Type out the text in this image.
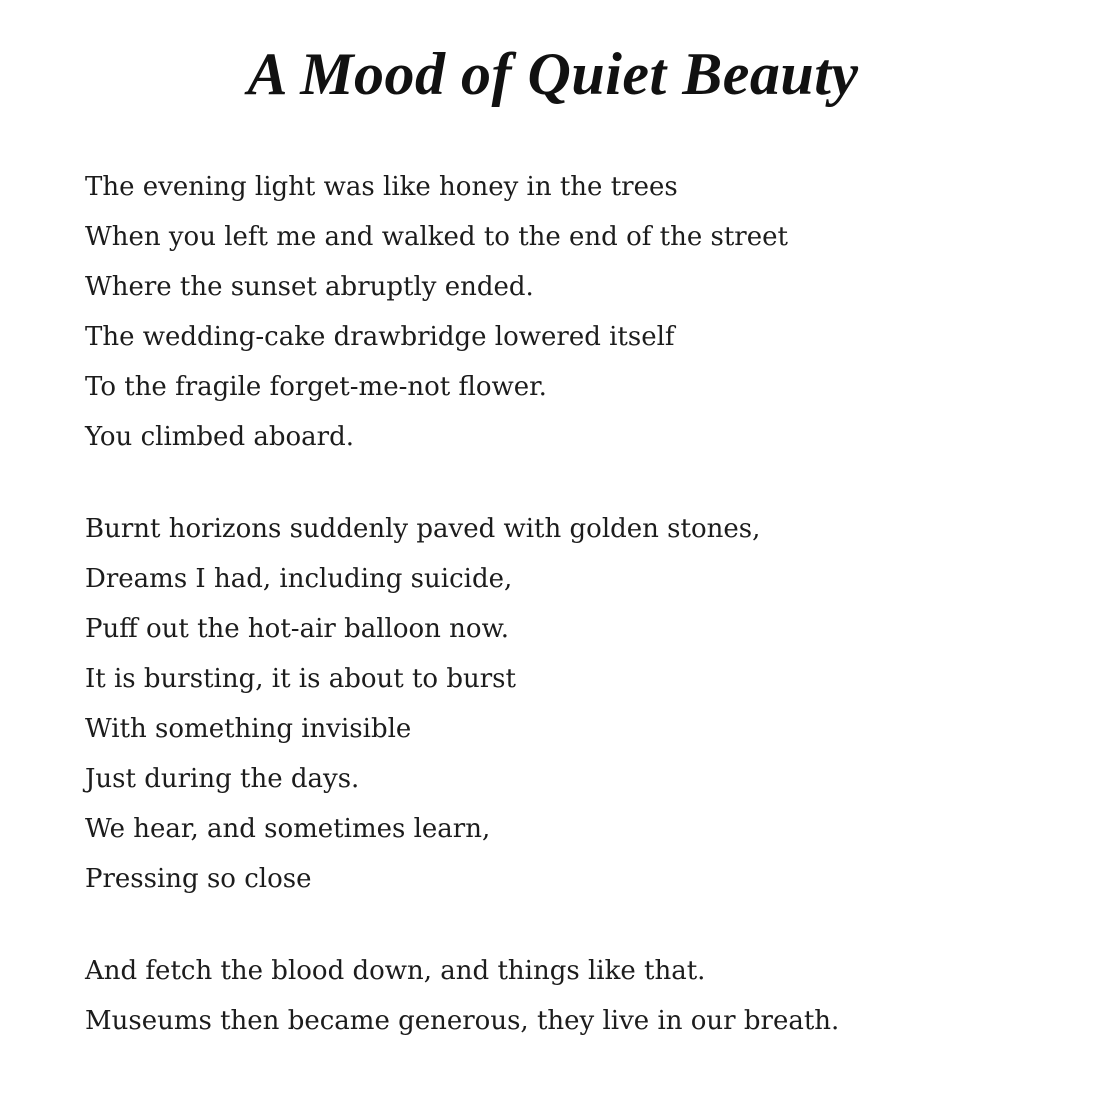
A Mood of Quiet Beauty
The evening light was like honey in the trees
When you left me and walked to the end of the street
Where the sunset abruptly ended.
The wedding-cake drawbridge lowered itself
To the fragile forget-me-not flower.
You climbed aboard.
Burnt horizons suddenly paved with golden stones,
Dreams I had, including suicide,
Puff out the hot-air balloon now.
It is bursting, it is about to burst
With something invisible
Just during the days.
We hear, and sometimes learn,
Pressing so close
And fetch the blood down, and things like that.
Museums then became generous, they live in our breath.
